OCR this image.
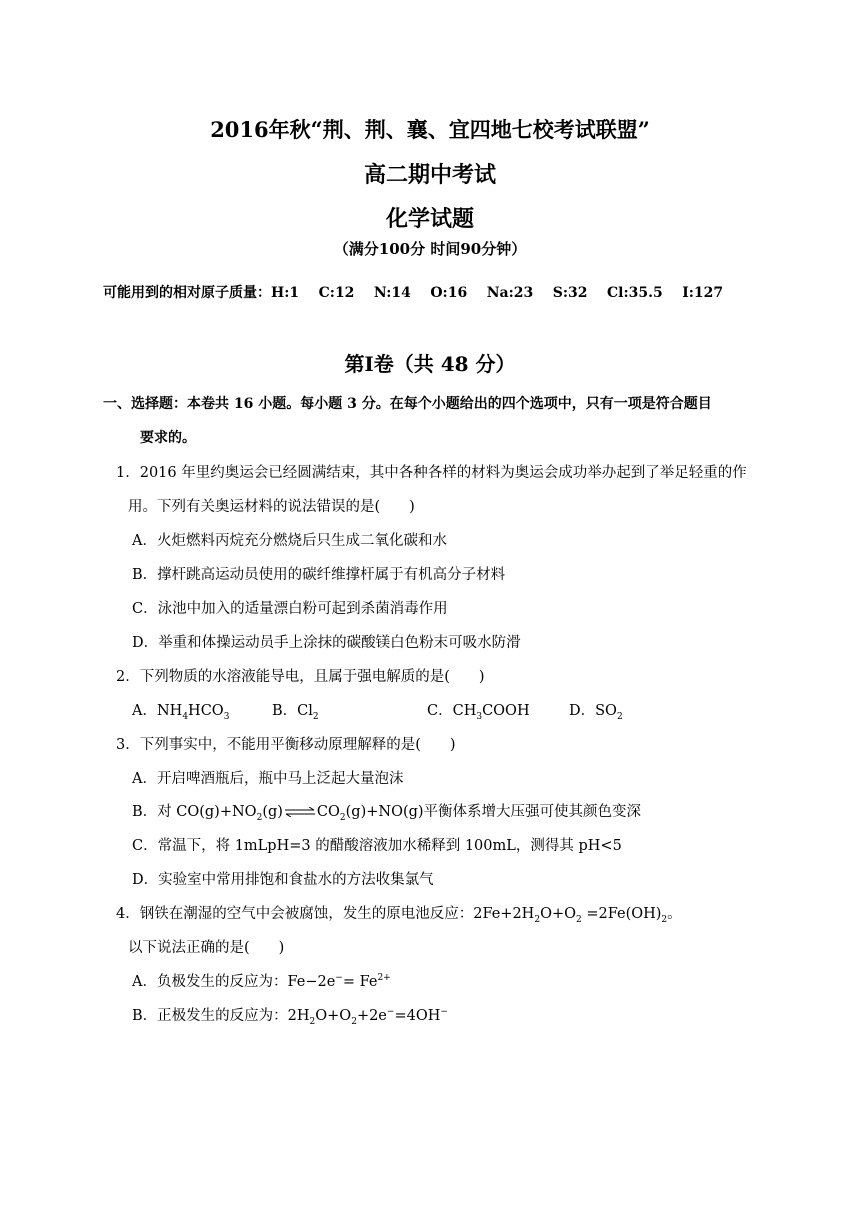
2016年秋“荆、荆、襄、宜四地七校考试联盟”
高二期中考试
化学试题
（满分100分 时间90分钟）
可能用到的相对原子质量：H:1    C:12    N:14    O:16    Na:23    S:32    Cl:35.5    I:127
第Ⅰ卷（共 48 分）
一、选择题：本卷共 16 小题。每小题 3 分。在每个小题给出的四个选项中，只有一项是符合题目
要求的。
1．2016 年里约奥运会已经圆满结束，其中各种各样的材料为奥运会成功举办起到了举足轻重的作
用。下列有关奥运材料的说法错误的是(　　)
A．火炬燃料丙烷充分燃烧后只生成二氧化碳和水
B．撑杆跳高运动员使用的碳纤维撑杆属于有机高分子材料
C．泳池中加入的适量漂白粉可起到杀菌消毒作用
D．举重和体操运动员手上涂抹的碳酸镁白色粉末可吸水防滑
2．下列物质的水溶液能导电，且属于强电解质的是(　　)
A．$NH_4HCO_3$	B．$Cl_2$	C．$CH_3COOH$	D．$SO_2$
3．下列事实中，不能用平衡移动原理解释的是(　　)
A．开启啤酒瓶后，瓶中马上泛起大量泡沫
B．对 $CO(g)+NO_2(g)\rightleftharpoons CO_2(g)+NO(g)$平衡体系增大压强可使其颜色变深
C．常温下，将 1mLpH=3 的醋酸溶液加水稀释到 100mL，测得其 pH<5
D．实验室中常用排饱和食盐水的方法收集氯气
4．钢铁在潮湿的空气中会被腐蚀，发生的原电池反应：$2Fe+2H_2O+O_2 =2Fe(OH)_2$。
以下说法正确的是(　　)
A．负极发生的反应为：$Fe-2e^-= Fe^{2+}$
B．正极发生的反应为：$2H_2O+O_2+2e^-=4OH^-$
